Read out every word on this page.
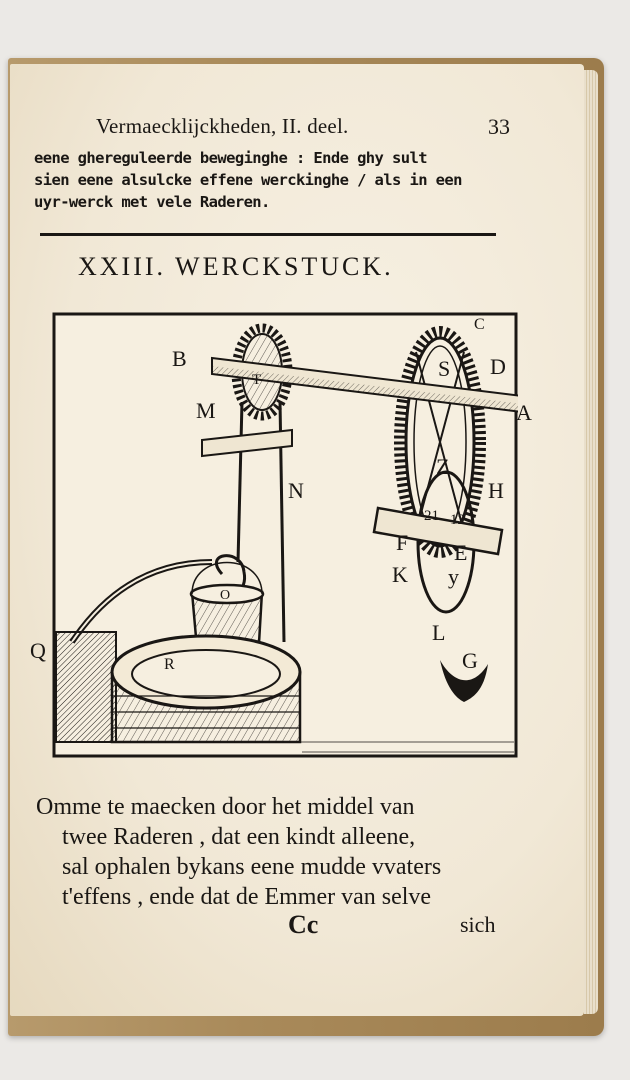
Vermaecklijckheden, II. deel.	33
eene ghereguleerde beweginghe : Ende ghy sult
sien eene alsulcke effene werckinghe / als in een
uyr-werck met vele Raderen.
XXIII. WERCKSTUCK.
C
B	D
S
T
M	A
Z
N	H
21 12
F E
K y
O
L
Q	G
R
Omme te maecken door het middel van
twee Raderen , dat een kindt alleene,
sal ophalen bykans eene mudde vvaters
t'effens , ende dat de Emmer van selve
Cc	sich
